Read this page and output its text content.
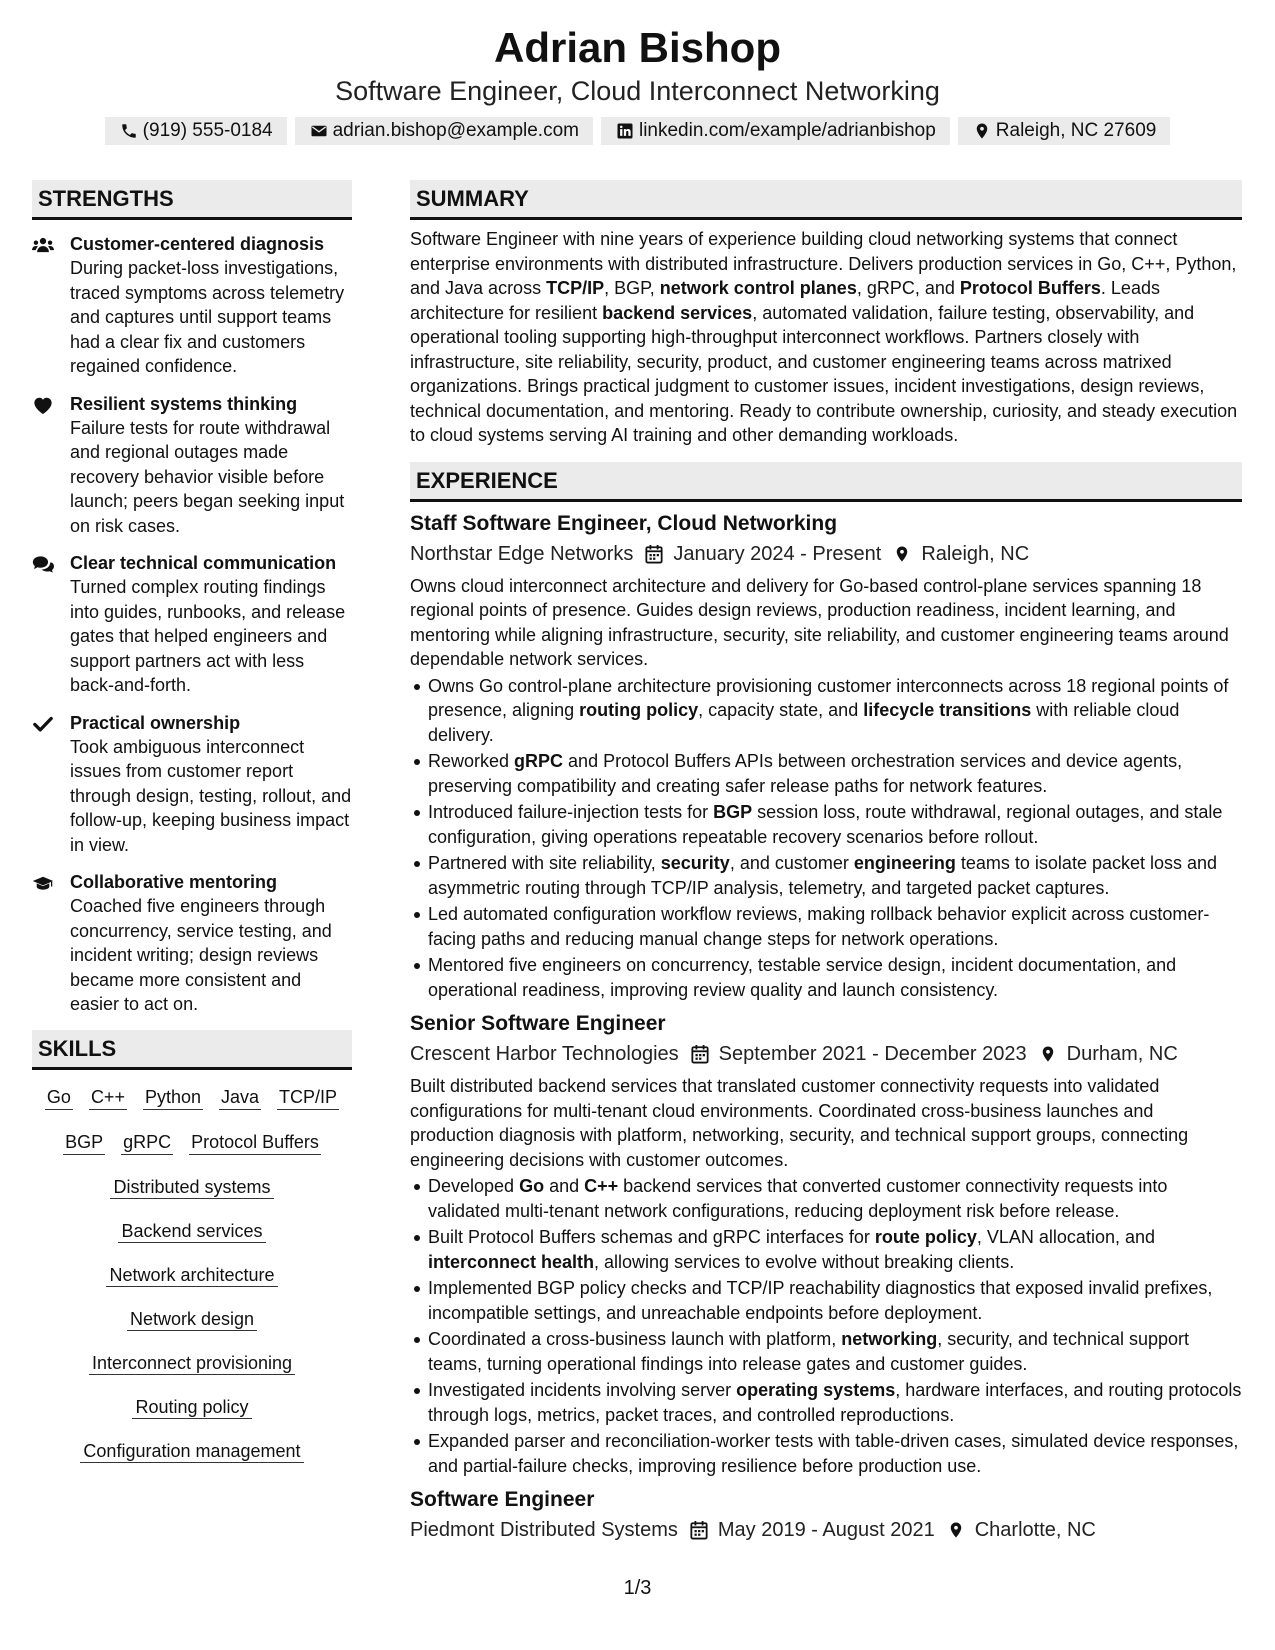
Adrian Bishop
Software Engineer, Cloud Interconnect Networking
(919) 555-0184	adrian.bishop@example.com	linkedin.com/example/adrianbishop	Raleigh, NC 27609
STRENGTHS
Customer-centered diagnosis
During packet-loss investigations, traced symptoms across telemetry and captures until support teams had a clear fix and customers regained confidence.
Resilient systems thinking
Failure tests for route withdrawal and regional outages made recovery behavior visible before launch; peers began seeking input on risk cases.
Clear technical communication
Turned complex routing findings into guides, runbooks, and release gates that helped engineers and support partners act with less back-and-forth.
Practical ownership
Took ambiguous interconnect issues from customer report through design, testing, rollout, and follow-up, keeping business impact in view.
Collaborative mentoring
Coached five engineers through concurrency, service testing, and incident writing; design reviews became more consistent and easier to act on.
SKILLS
Go C++ Python Java TCP/IP
BGP gRPC Protocol Buffers
Distributed systems
Backend services
Network architecture
Network design
Interconnect provisioning
Routing policy
Configuration management
SUMMARY
Software Engineer with nine years of experience building cloud networking systems that connect enterprise environments with distributed infrastructure. Delivers production services in Go, C++, Python, and Java across TCP/IP, BGP, network control planes, gRPC, and Protocol Buffers. Leads architecture for resilient backend services, automated validation, failure testing, observability, and operational tooling supporting high-throughput interconnect workflows. Partners closely with infrastructure, site reliability, security, product, and customer engineering teams across matrixed organizations. Brings practical judgment to customer issues, incident investigations, design reviews, technical documentation, and mentoring. Ready to contribute ownership, curiosity, and steady execution to cloud systems serving AI training and other demanding workloads.
EXPERIENCE
Staff Software Engineer, Cloud Networking
Northstar Edge Networks January 2024 - Present Raleigh, NC
Owns cloud interconnect architecture and delivery for Go-based control-plane services spanning 18 regional points of presence. Guides design reviews, production readiness, incident learning, and mentoring while aligning infrastructure, security, site reliability, and customer engineering teams around dependable network services.
Owns Go control-plane architecture provisioning customer interconnects across 18 regional points of presence, aligning routing policy, capacity state, and lifecycle transitions with reliable cloud delivery.
Reworked gRPC and Protocol Buffers APIs between orchestration services and device agents, preserving compatibility and creating safer release paths for network features.
Introduced failure-injection tests for BGP session loss, route withdrawal, regional outages, and stale configuration, giving operations repeatable recovery scenarios before rollout.
Partnered with site reliability, security, and customer engineering teams to isolate packet loss and asymmetric routing through TCP/IP analysis, telemetry, and targeted packet captures.
Led automated configuration workflow reviews, making rollback behavior explicit across customer-facing paths and reducing manual change steps for network operations.
Mentored five engineers on concurrency, testable service design, incident documentation, and operational readiness, improving review quality and launch consistency.
Senior Software Engineer
Crescent Harbor Technologies September 2021 - December 2023 Durham, NC
Built distributed backend services that translated customer connectivity requests into validated configurations for multi-tenant cloud environments. Coordinated cross-business launches and production diagnosis with platform, networking, security, and technical support groups, connecting engineering decisions with customer outcomes.
Developed Go and C++ backend services that converted customer connectivity requests into validated multi-tenant network configurations, reducing deployment risk before release.
Built Protocol Buffers schemas and gRPC interfaces for route policy, VLAN allocation, and interconnect health, allowing services to evolve without breaking clients.
Implemented BGP policy checks and TCP/IP reachability diagnostics that exposed invalid prefixes, incompatible settings, and unreachable endpoints before deployment.
Coordinated a cross-business launch with platform, networking, security, and technical support teams, turning operational findings into release gates and customer guides.
Investigated incidents involving server operating systems, hardware interfaces, and routing protocols through logs, metrics, packet traces, and controlled reproductions.
Expanded parser and reconciliation-worker tests with table-driven cases, simulated device responses, and partial-failure checks, improving resilience before production use.
Software Engineer
Piedmont Distributed Systems May 2019 - August 2021 Charlotte, NC
1/3
